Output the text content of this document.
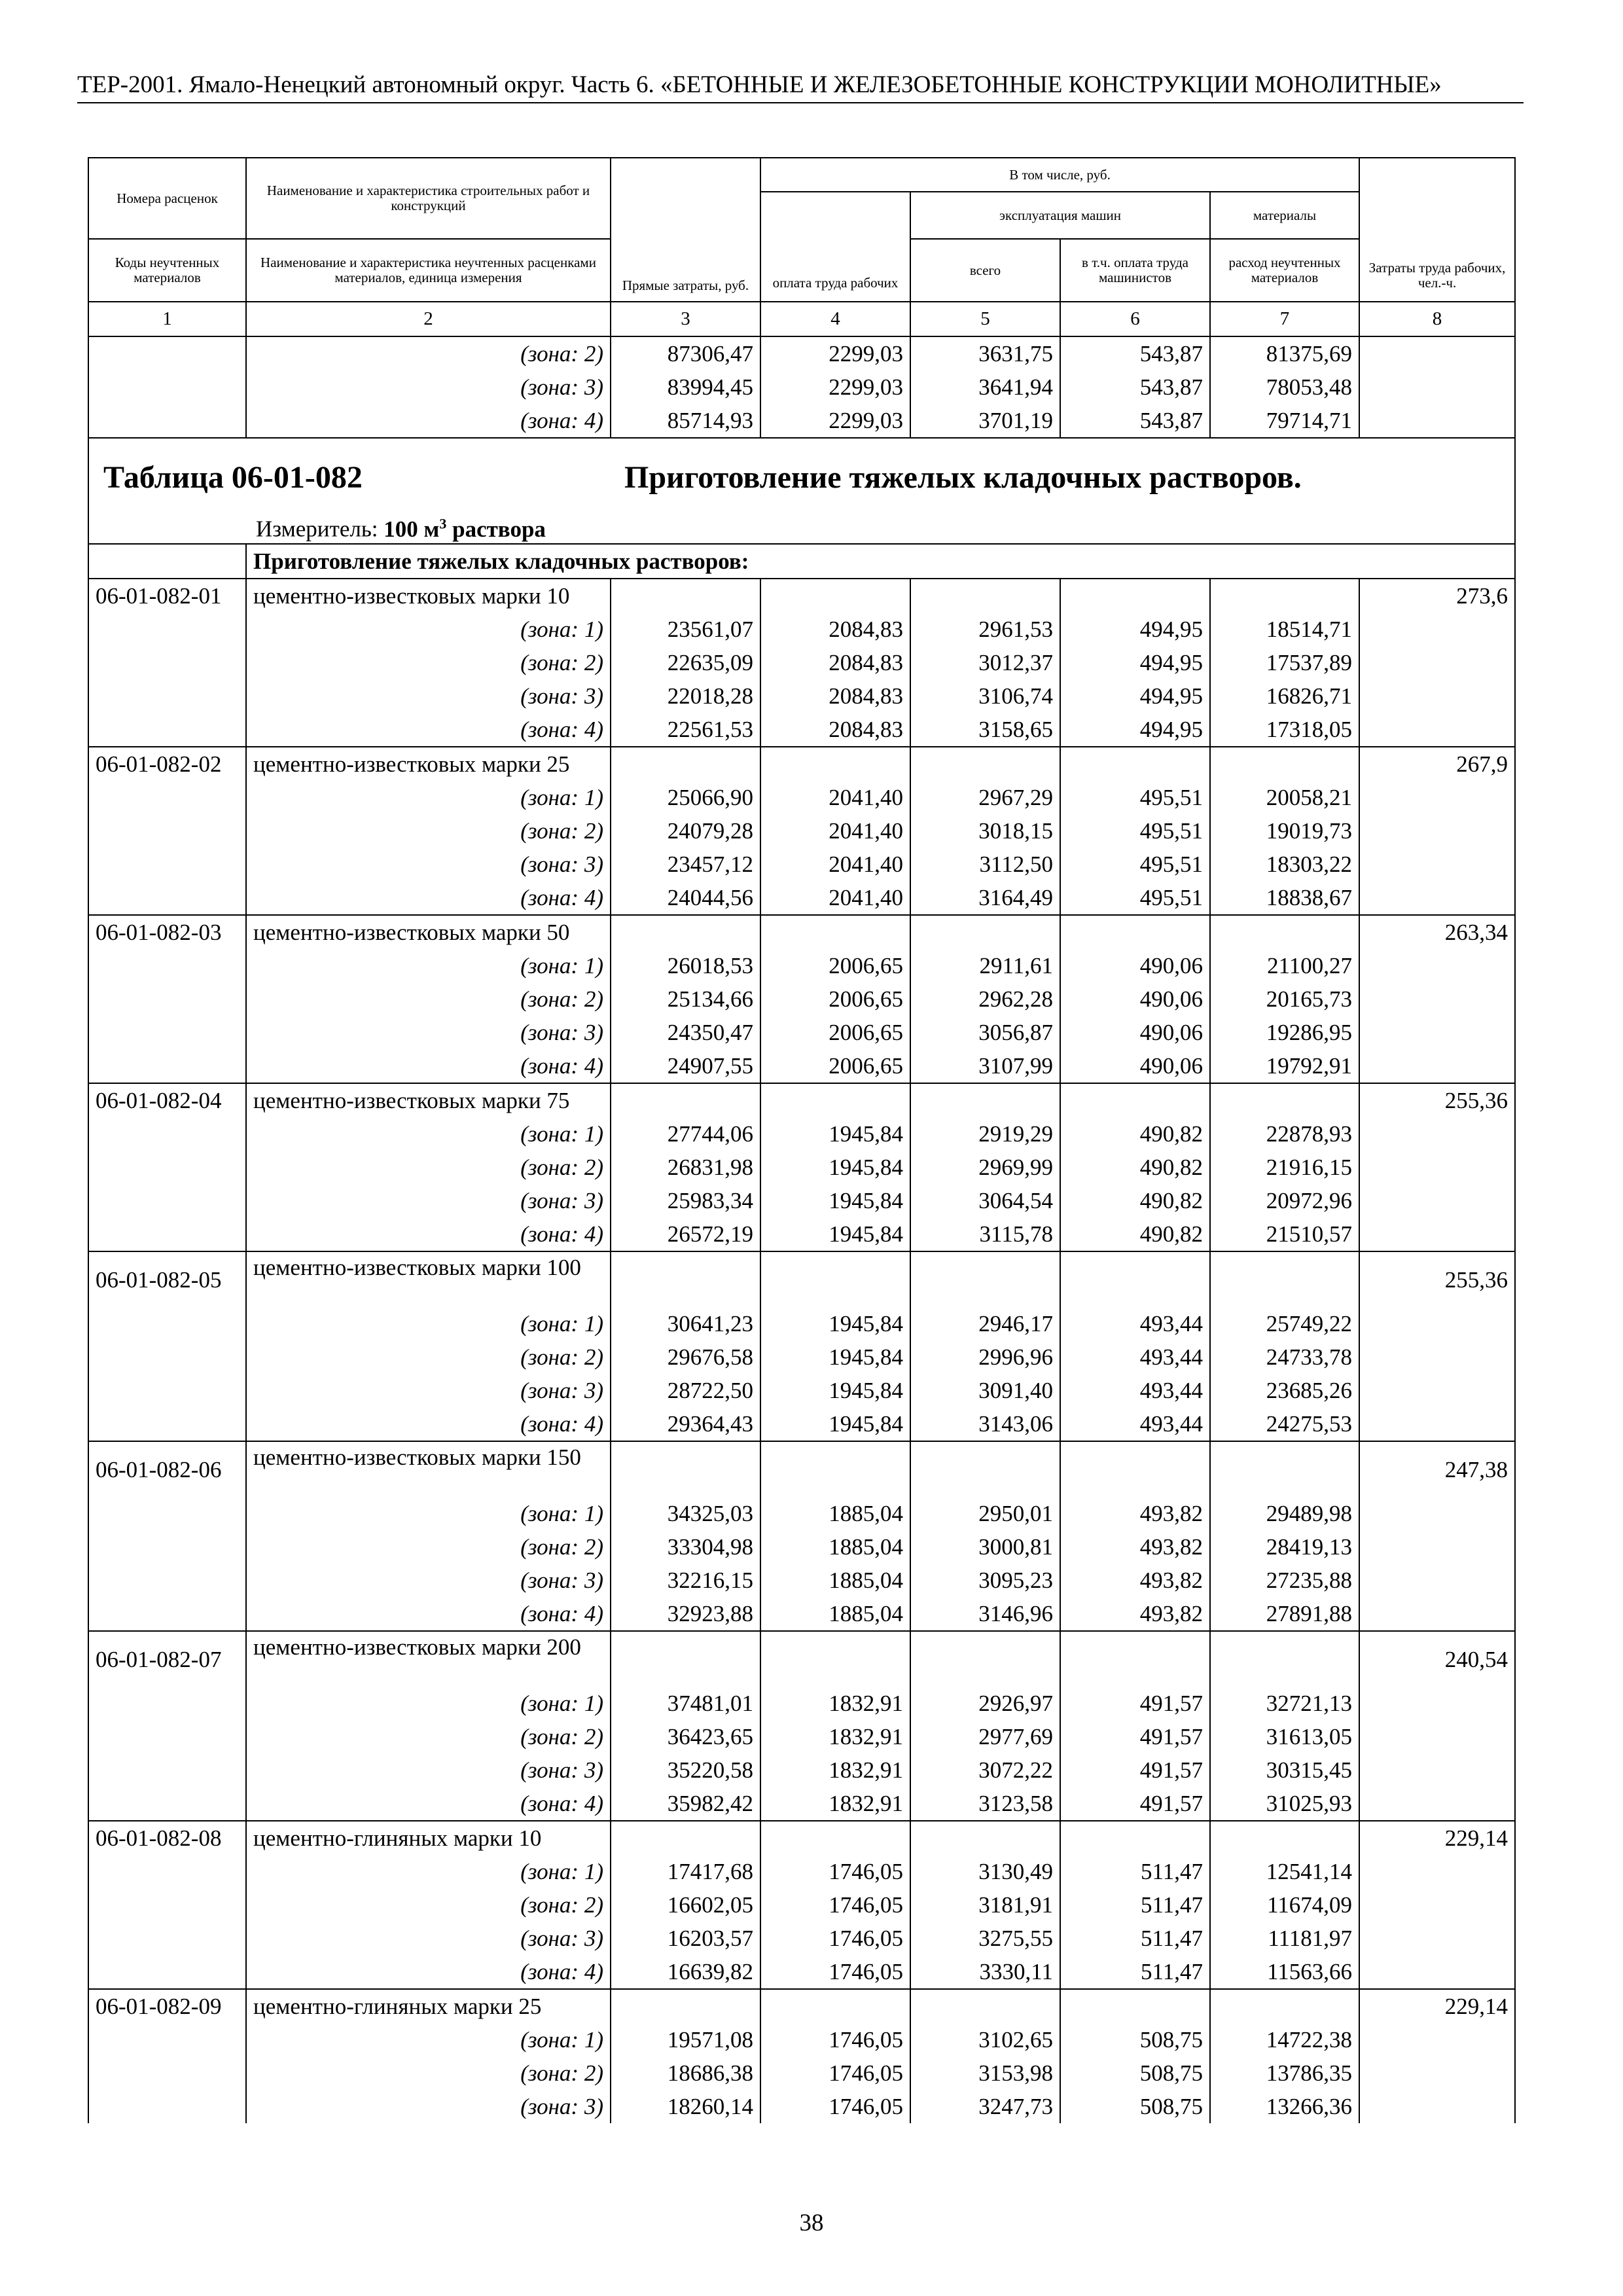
ТЕР-2001. Ямало-Ненецкий автономный округ. Часть 6. «БЕТОННЫЕ И ЖЕЛЕЗОБЕТОННЫЕ КОНСТРУКЦИИ МОНОЛИТНЫЕ»
Номера расценок	Наименование и характеристика строительных работ и конструкций	Прямые затраты, руб.	В том числе, руб.				Затраты труда рабочих, чел.-ч.
			оплата труда рабочих	эксплуатация машин		материалы	
Коды неучтенных материалов	Наименование и характеристика неучтенных расценками материалов, единица измерения			всего	в т.ч. оплата труда машинистов	расход неучтенных материалов	
1	2	3	4	5	6	7	8
	(зона: 2)	87306,47	2299,03	3631,75	543,87	81375,69	
	(зона: 3)	83994,45	2299,03	3641,94	543,87	78053,48	
	(зона: 4)	85714,93	2299,03	3701,19	543,87	79714,71	

Таблица 06-01-082 Приготовление тяжелых кладочных растворов.
Измеритель: 100 $м^3$ раствора							

	Приготовление тяжелых кладочных растворов:						
06-01-082-01	цементно-известковых марки 10						273,6
	(зона: 1)	23561,07	2084,83	2961,53	494,95	18514,71	
	(зона: 2)	22635,09	2084,83	3012,37	494,95	17537,89	
	(зона: 3)	22018,28	2084,83	3106,74	494,95	16826,71	
	(зона: 4)	22561,53	2084,83	3158,65	494,95	17318,05	
06-01-082-02	цементно-известковых марки 25						267,9
	(зона: 1)	25066,90	2041,40	2967,29	495,51	20058,21	
	(зона: 2)	24079,28	2041,40	3018,15	495,51	19019,73	
	(зона: 3)	23457,12	2041,40	3112,50	495,51	18303,22	
	(зона: 4)	24044,56	2041,40	3164,49	495,51	18838,67	
06-01-082-03	цементно-известковых марки 50						263,34
	(зона: 1)	26018,53	2006,65	2911,61	490,06	21100,27	
	(зона: 2)	25134,66	2006,65	2962,28	490,06	20165,73	
	(зона: 3)	24350,47	2006,65	3056,87	490,06	19286,95	
	(зона: 4)	24907,55	2006,65	3107,99	490,06	19792,91	
06-01-082-04	цементно-известковых марки 75						255,36
	(зона: 1)	27744,06	1945,84	2919,29	490,82	22878,93	
	(зона: 2)	26831,98	1945,84	2969,99	490,82	21916,15	
	(зона: 3)	25983,34	1945,84	3064,54	490,82	20972,96	
	(зона: 4)	26572,19	1945,84	3115,78	490,82	21510,57	
06-01-082-05	цементно-известковых марки 100						255,36
	(зона: 1)	30641,23	1945,84	2946,17	493,44	25749,22	
	(зона: 2)	29676,58	1945,84	2996,96	493,44	24733,78	
	(зона: 3)	28722,50	1945,84	3091,40	493,44	23685,26	
	(зона: 4)	29364,43	1945,84	3143,06	493,44	24275,53	
06-01-082-06	цементно-известковых марки 150						247,38
	(зона: 1)	34325,03	1885,04	2950,01	493,82	29489,98	
	(зона: 2)	33304,98	1885,04	3000,81	493,82	28419,13	
	(зона: 3)	32216,15	1885,04	3095,23	493,82	27235,88	
	(зона: 4)	32923,88	1885,04	3146,96	493,82	27891,88	
06-01-082-07	цементно-известковых марки 200						240,54
	(зона: 1)	37481,01	1832,91	2926,97	491,57	32721,13	
	(зона: 2)	36423,65	1832,91	2977,69	491,57	31613,05	
	(зона: 3)	35220,58	1832,91	3072,22	491,57	30315,45	
	(зона: 4)	35982,42	1832,91	3123,58	491,57	31025,93	
06-01-082-08	цементно-глиняных марки 10						229,14
	(зона: 1)	17417,68	1746,05	3130,49	511,47	12541,14	
	(зона: 2)	16602,05	1746,05	3181,91	511,47	11674,09	
	(зона: 3)	16203,57	1746,05	3275,55	511,47	11181,97	
	(зона: 4)	16639,82	1746,05	3330,11	511,47	11563,66	
06-01-082-09	цементно-глиняных марки 25						229,14
	(зона: 1)	19571,08	1746,05	3102,65	508,75	14722,38	
	(зона: 2)	18686,38	1746,05	3153,98	508,75	13786,35	
	(зона: 3)	18260,14	1746,05	3247,73	508,75	13266,36	
38
